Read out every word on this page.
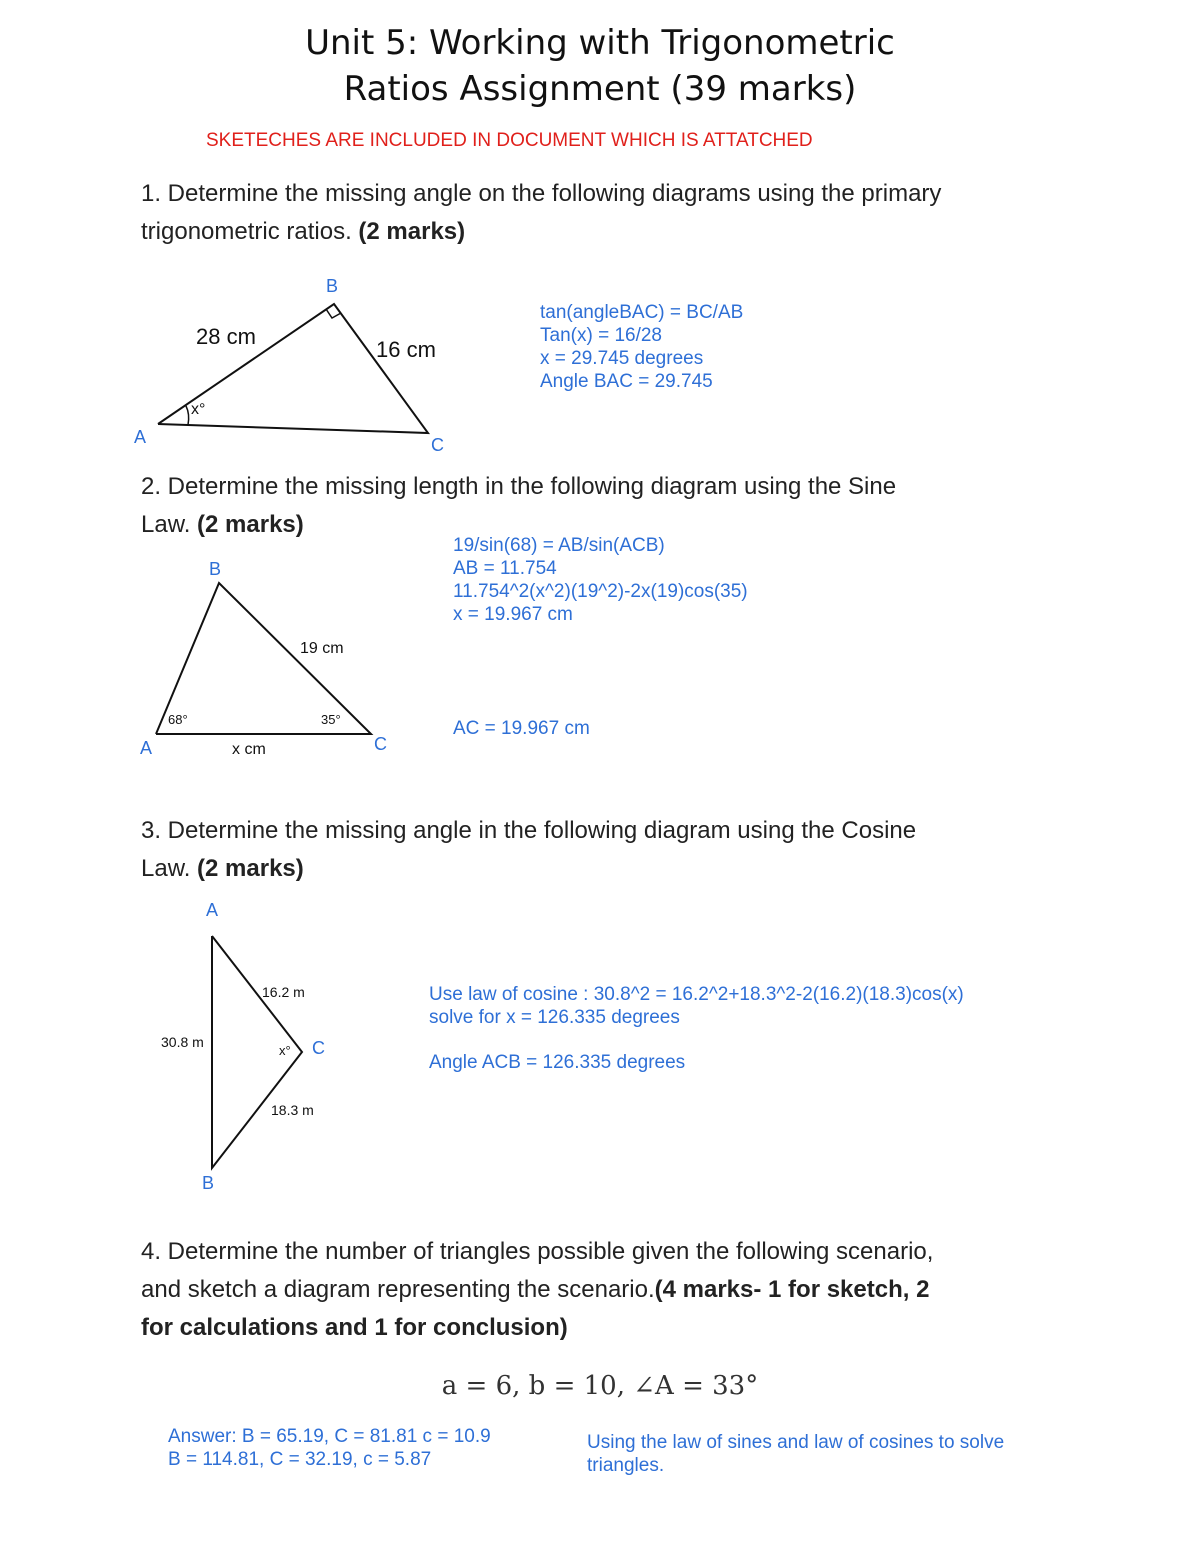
Unit 5: Working with Trigonometric
Ratios Assignment (39 marks)
SKETECHES ARE INCLUDED IN DOCUMENT WHICH IS ATTATCHED
1. Determine the missing angle on the following diagrams using the primary
trigonometric ratios. (2 marks)
B
A	C
28 cm
16 cm
x°
tan(angleBAC) = BC/AB
Tan(x) = 16/28
x = 29.745 degrees
Angle BAC = 29.745
2. Determine the missing length in the following diagram using the Sine
Law. (2 marks)
B
A	C
19 cm
x cm
68°	35°
19/sin(68) = AB/sin(ACB)
AB = 11.754
11.754^2(x^2)(19^2)-2x(19)cos(35)
x = 19.967 cm
AC = 19.967 cm
3. Determine the missing angle in the following diagram using the Cosine
Law. (2 marks)
A
B
C
16.2 m
30.8 m
18.3 m
x°
Use law of cosine : 30.8^2 = 16.2^2+18.3^2-2(16.2)(18.3)cos(x)
solve for x = 126.335 degrees
Angle ACB = 126.335 degrees
4. Determine the number of triangles possible given the following scenario,
and sketch a diagram representing the scenario.(4 marks- 1 for sketch, 2
for calculations and 1 for conclusion)
a = 6, b = 10, ∠A = 33°
Answer: B = 65.19, C = 81.81 c = 10.9
B = 114.81, C = 32.19, c = 5.87
Using the law of sines and law of cosines to solve
triangles.
